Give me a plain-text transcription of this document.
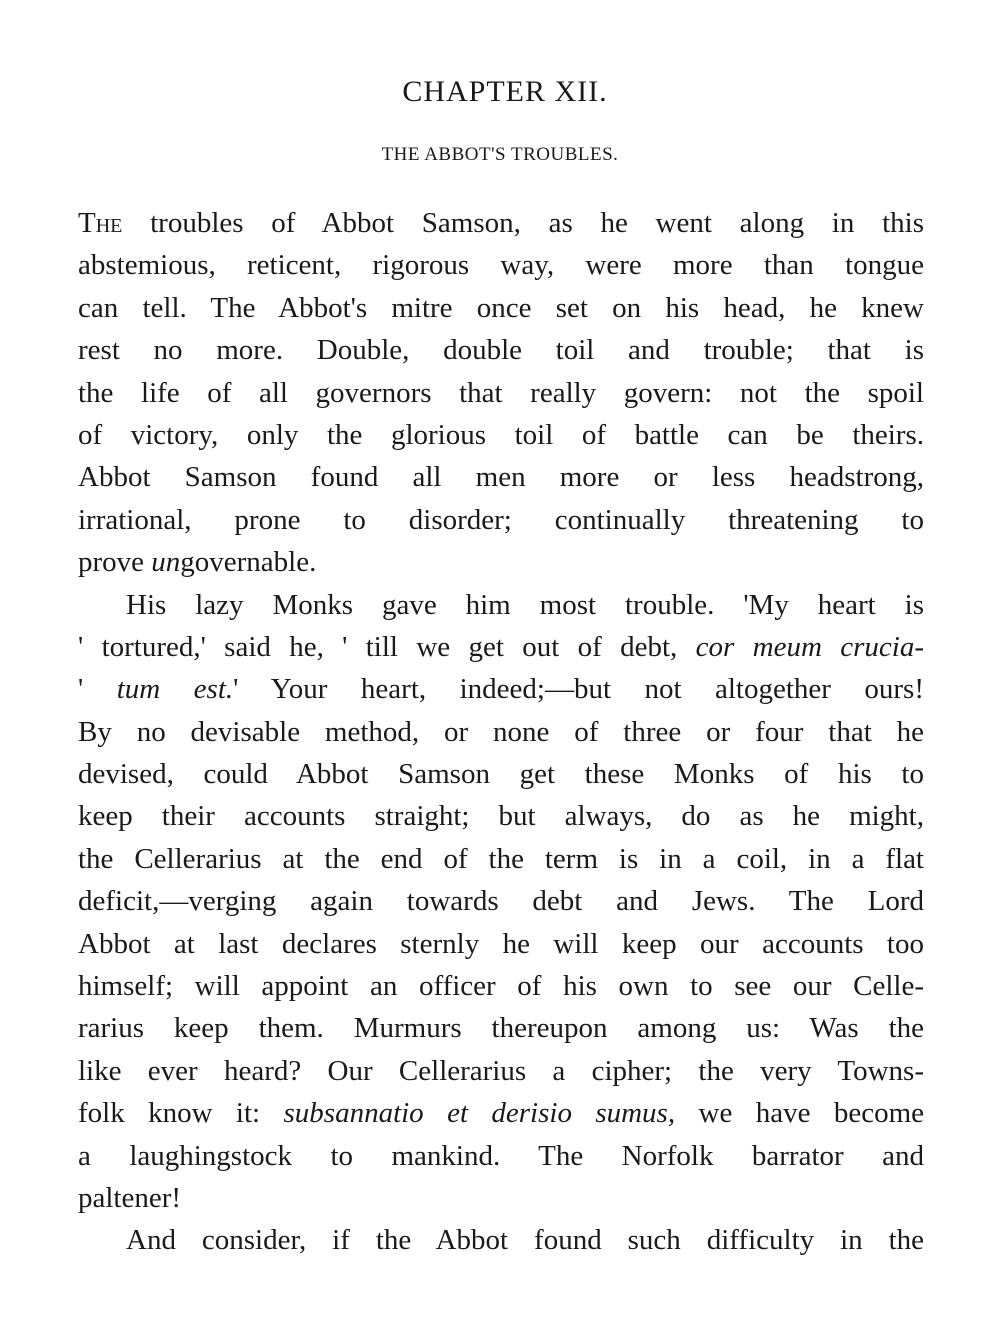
CHAPTER XII.
THE ABBOT'S TROUBLES.
The troubles of Abbot Samson, as he went along in this
abstemious, reticent, rigorous way, were more than tongue
can tell. The Abbot's mitre once set on his head, he knew
rest no more. Double, double toil and trouble; that is
the life of all governors that really govern: not the spoil
of victory, only the glorious toil of battle can be theirs.
Abbot Samson found all men more or less headstrong,
irrational, prone to disorder; continually threatening to
prove ungovernable.
His lazy Monks gave him most trouble. 'My heart is
' tortured,' said he, ' till we get out of debt, cor meum crucia-
' tum est.' Your heart, indeed;—but not altogether ours!
By no devisable method, or none of three or four that he
devised, could Abbot Samson get these Monks of his to
keep their accounts straight; but always, do as he might,
the Cellerarius at the end of the term is in a coil, in a flat
deficit,—verging again towards debt and Jews. The Lord
Abbot at last declares sternly he will keep our accounts too
himself; will appoint an officer of his own to see our Celle-
rarius keep them. Murmurs thereupon among us: Was the
like ever heard? Our Cellerarius a cipher; the very Towns-
folk know it: subsannatio et derisio sumus, we have become
a laughingstock to mankind. The Norfolk barrator and
paltener!
And consider, if the Abbot found such difficulty in the
